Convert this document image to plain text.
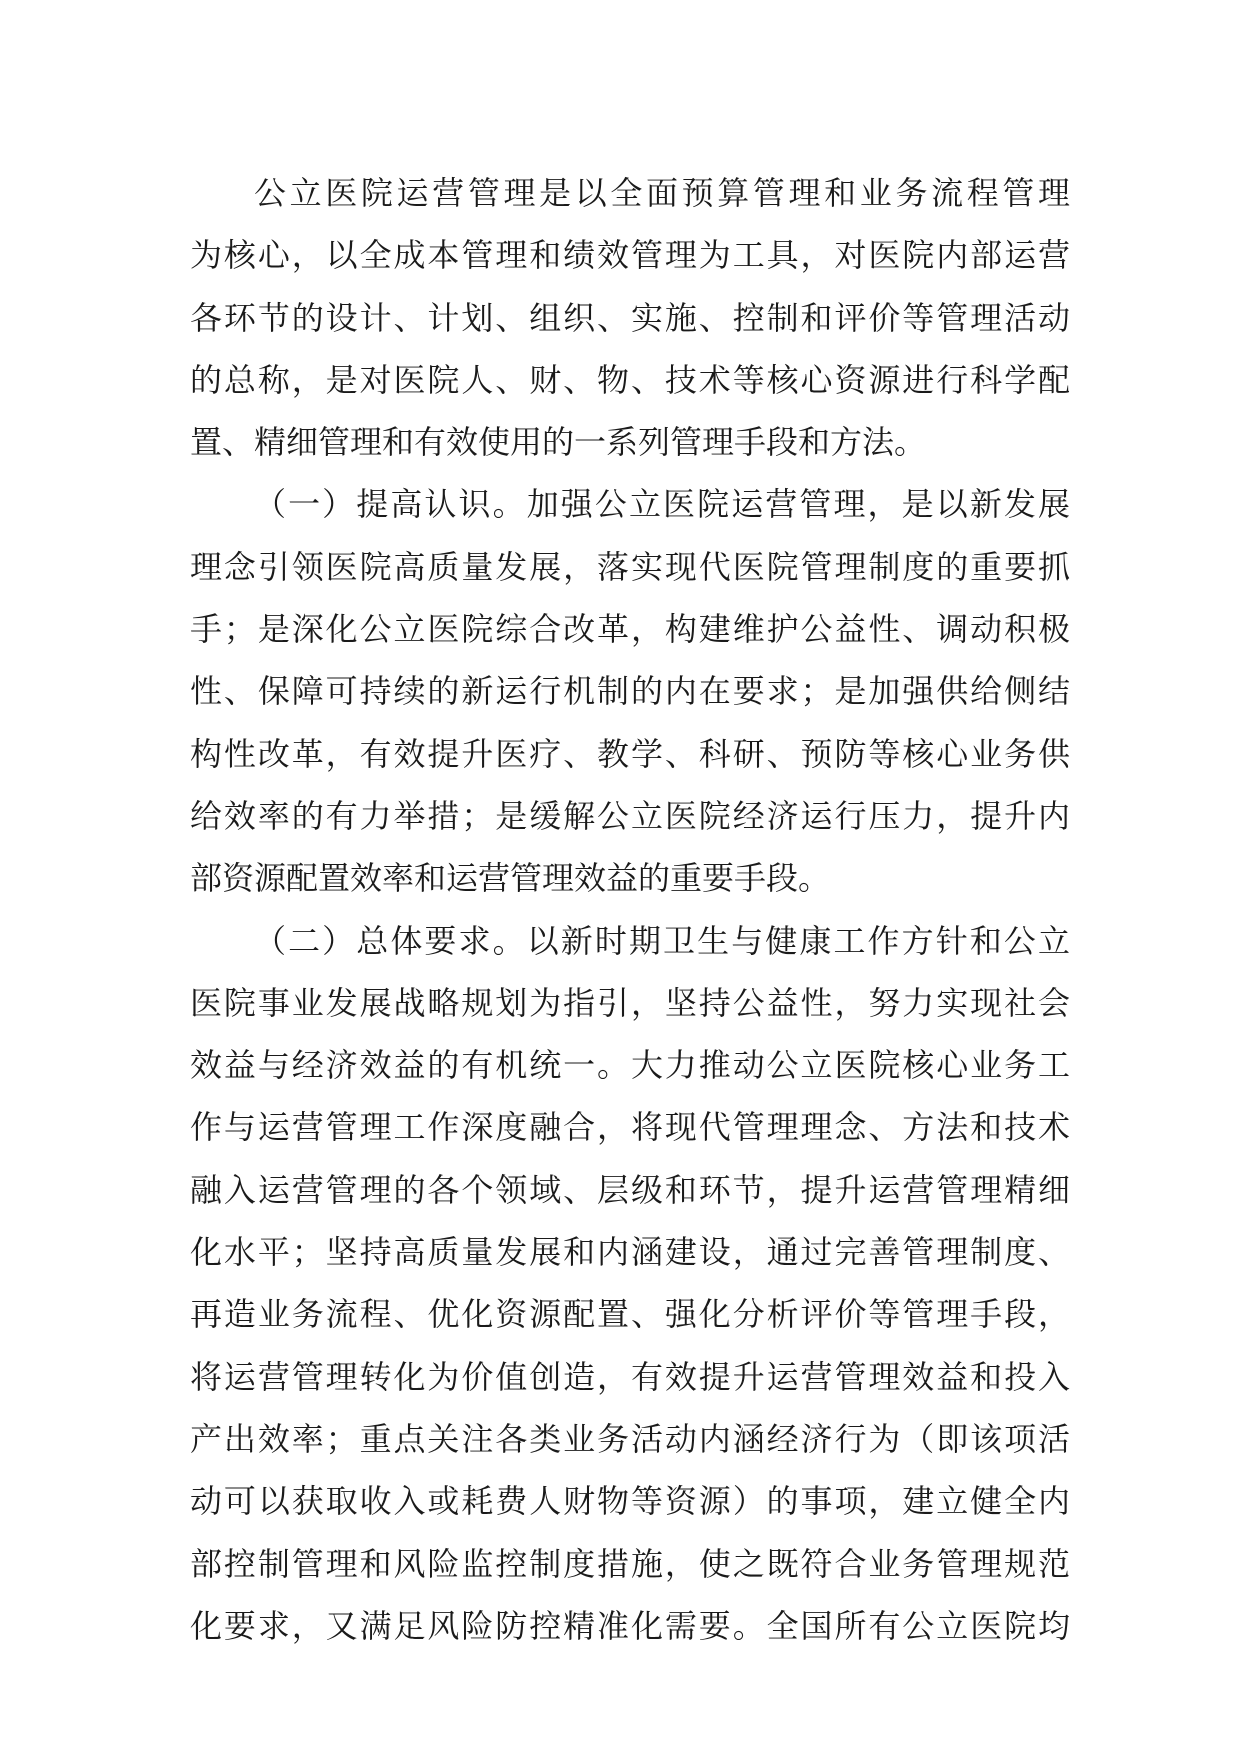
公立医院运营管理是以全面预算管理和业务流程管理
为核心，以全成本管理和绩效管理为工具，对医院内部运营
各环节的设计、计划、组织、实施、控制和评价等管理活动
的总称，是对医院人、财、物、技术等核心资源进行科学配
置、精细管理和有效使用的一系列管理手段和方法。
（一）提高认识。加强公立医院运营管理，是以新发展
理念引领医院高质量发展，落实现代医院管理制度的重要抓
手；是深化公立医院综合改革，构建维护公益性、调动积极
性、保障可持续的新运行机制的内在要求；是加强供给侧结
构性改革，有效提升医疗、教学、科研、预防等核心业务供
给效率的有力举措；是缓解公立医院经济运行压力，提升内
部资源配置效率和运营管理效益的重要手段。
（二）总体要求。以新时期卫生与健康工作方针和公立
医院事业发展战略规划为指引，坚持公益性，努力实现社会
效益与经济效益的有机统一。大力推动公立医院核心业务工
作与运营管理工作深度融合，将现代管理理念、方法和技术
融入运营管理的各个领域、层级和环节，提升运营管理精细
化水平；坚持高质量发展和内涵建设，通过完善管理制度、
再造业务流程、优化资源配置、强化分析评价等管理手段，
将运营管理转化为价值创造，有效提升运营管理效益和投入
产出效率；重点关注各类业务活动内涵经济行为（即该项活
动可以获取收入或耗费人财物等资源）的事项，建立健全内
部控制管理和风险监控制度措施，使之既符合业务管理规范
化要求，又满足风险防控精准化需要。全国所有公立医院均
